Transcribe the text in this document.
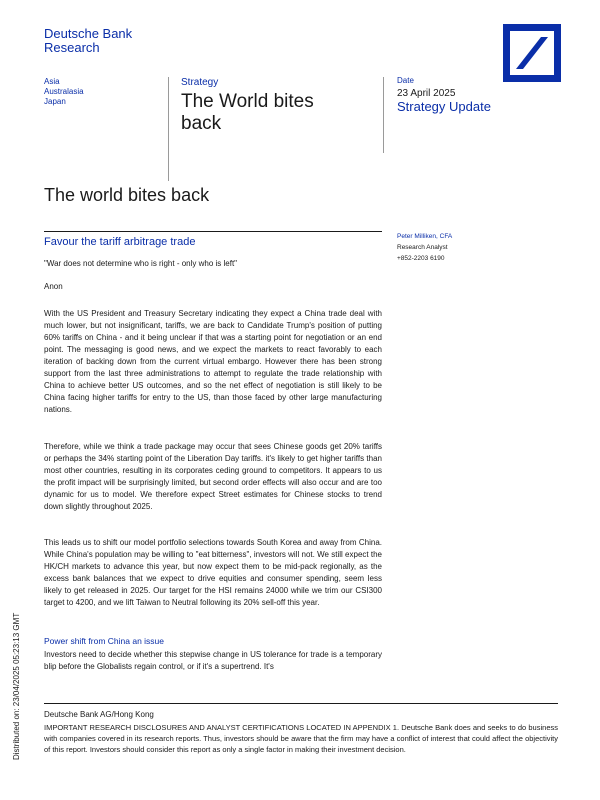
Deutsche Bank
Research
Asia
Australasia
Japan
Strategy
The World bites
back
Date
23 April 2025
Strategy Update
The world bites back
Favour the tariff arbitrage trade	Peter Milliken, CFA
Research Analyst
+852-2203 6190
"War does not determine who is right - only who is left"
Anon
With the US President and Treasury Secretary indicating they expect a China trade deal with much lower, but not insignificant, tariffs, we are back to Candidate Trump's position of putting 60% tariffs on China - and it being unclear if that was a starting point for negotiation or an end point. The messaging is good news, and we expect the markets to react favorably to each iteration of backing down from the current virtual embargo. However there has been strong support from the last three administrations to attempt to regulate the trade relationship with China to achieve better US outcomes, and so the net effect of negotiation is still likely to be China facing higher tariffs for entry to the US, than those faced by other large manufacturing nations.
Therefore, while we think a trade package may occur that sees Chinese goods get 20% tariffs or perhaps the 34% starting point of the Liberation Day tariffs. it's likely to get higher tariffs than most other countries, resulting in its corporates ceding ground to competitors. It appears to us the profit impact will be surprisingly limited, but second order effects will also occur and are too dynamic for us to model. We therefore expect Street estimates for Chinese stocks to trend down slightly throughout 2025.
This leads us to shift our model portfolio selections towards South Korea and away from China. While China's population may be willing to "eat bitterness", investors will not. We still expect the HK/CH markets to advance this year, but now expect them to be mid-pack regionally, as the excess bank balances that we expect to drive equities and consumer spending, seem less likely to get released in 2025. Our target for the HSI remains 24000 while we trim our CSI300 target to 4200, and we lift Taiwan to Neutral following its 20% sell-off this year.
Power shift from China an issue
Investors need to decide whether this stepwise change in US tolerance for trade is a temporary blip before the Globalists regain control, or if it's a supertrend. It's
Deutsche Bank AG/Hong Kong
IMPORTANT RESEARCH DISCLOSURES AND ANALYST CERTIFICATIONS LOCATED IN APPENDIX 1. Deutsche Bank does and seeks to do business with companies covered in its research reports. Thus, investors should be aware that the firm may have a conflict of interest that could affect the objectivity of this report. Investors should consider this report as only a single factor in making their investment decision.
Distributed on: 23/04/2025 05:23:13 GMT
